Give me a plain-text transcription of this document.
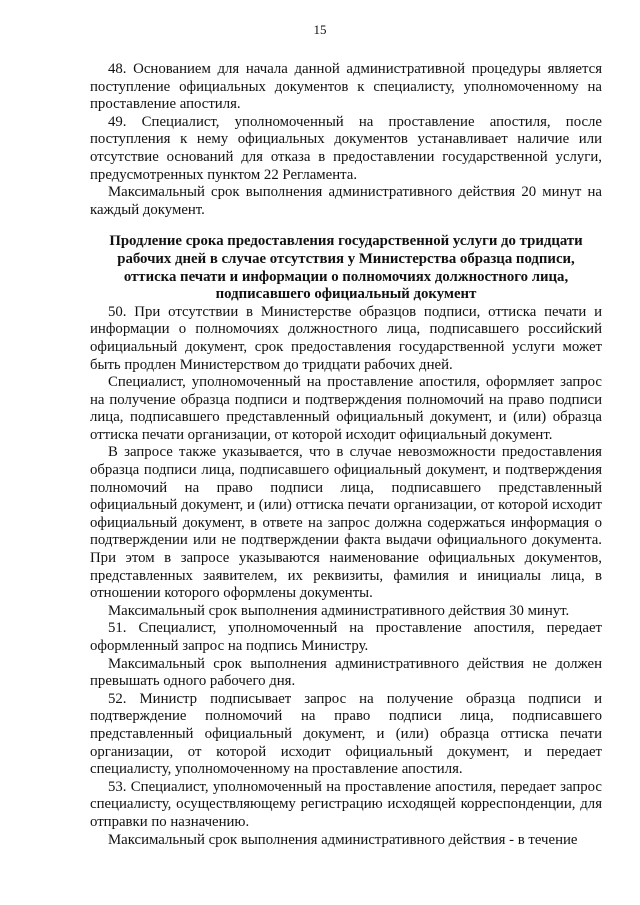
15

48. Основанием для начала данной административной процедуры является поступление официальных документов к специалисту, уполномоченному на проставление апостиля.

49. Специалист, уполномоченный на проставление апостиля, после поступления к нему официальных документов устанавливает наличие или отсутствие оснований для отказа в предоставлении государственной услуги, предусмотренных пунктом 22 Регламента.

Максимальный срок выполнения административного действия 20 минут на каждый документ.

Продление срока предоставления государственной услуги до тридцати рабочих дней в случае отсутствия у Министерства образца подписи, оттиска печати и информации о полномочиях должностного лица, подписавшего официальный документ

50. При отсутствии в Министерстве образцов подписи, оттиска печати и информации о полномочиях должностного лица, подписавшего российский официальный документ, срок предоставления государственной услуги может быть продлен Министерством до тридцати рабочих дней.

Специалист, уполномоченный на проставление апостиля, оформляет запрос на получение образца подписи и подтверждения полномочий на право подписи лица, подписавшего представленный официальный документ, и (или) образца оттиска печати организации, от которой исходит официальный документ.

В запросе также указывается, что в случае невозможности предоставления образца подписи лица, подписавшего официальный документ, и подтверждения полномочий на право подписи лица, подписавшего представленный официальный документ, и (или) оттиска печати организации, от которой исходит официальный документ, в ответе на запрос должна содержаться информация о подтверждении или не подтверждении факта выдачи официального документа. При этом в запросе указываются наименование официальных документов, представленных заявителем, их реквизиты, фамилия и инициалы лица, в отношении которого оформлены документы.

Максимальный срок выполнения административного действия 30 минут.

51. Специалист, уполномоченный на проставление апостиля, передает оформленный запрос на подпись Министру.

Максимальный срок выполнения административного действия не должен превышать одного рабочего дня.

52. Министр подписывает запрос на получение образца подписи и подтверждение полномочий на право подписи лица, подписавшего представленный официальный документ, и (или) образца оттиска печати организации, от которой исходит официальный документ, и передает специалисту, уполномоченному на проставление апостиля.

53. Специалист, уполномоченный на проставление апостиля, передает запрос специалисту, осуществляющему регистрацию исходящей корреспонденции, для отправки по назначению.

Максимальный срок выполнения административного действия - в течение
